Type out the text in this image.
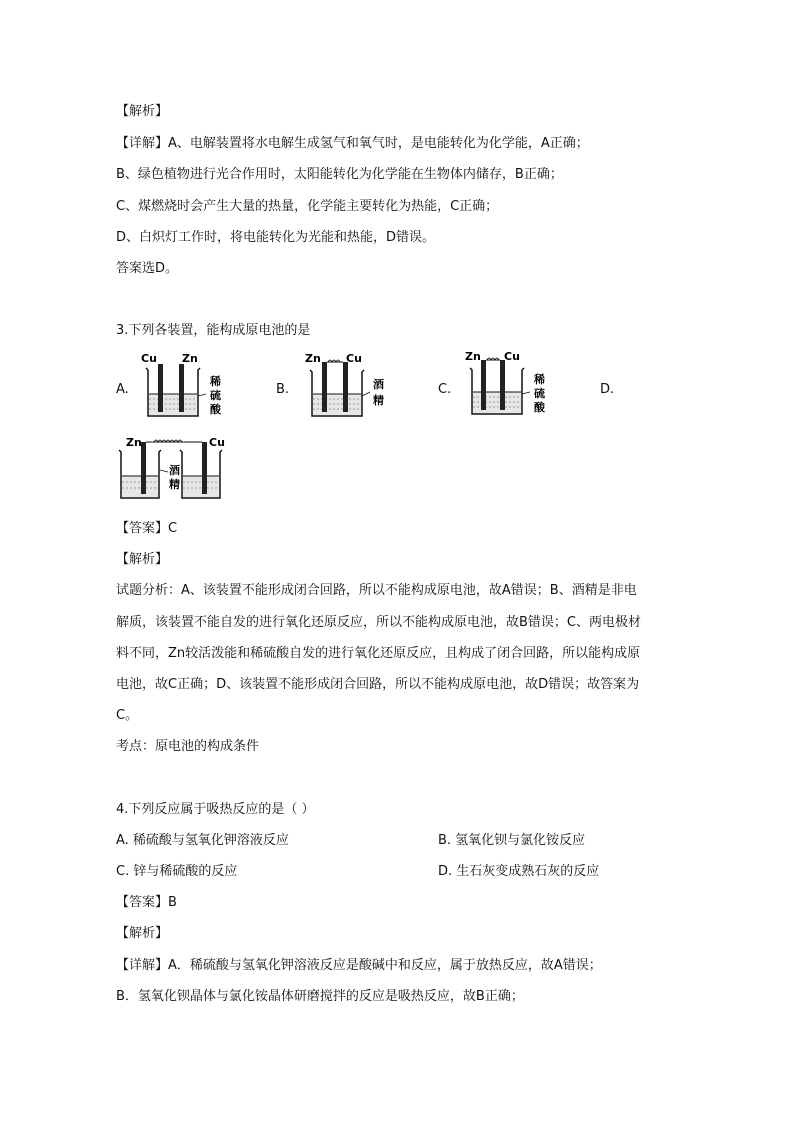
【解析】
【详解】A、电解装置将水电解生成氢气和氧气时，是电能转化为化学能，A正确；
B、绿色植物进行光合作用时，太阳能转化为化学能在生物体内储存，B正确；
C、煤燃烧时会产生大量的热量，化学能主要转化为热能，C正确；
D、白炽灯工作时，将电能转化为光能和热能，D错误。
答案选D。
3.下列各装置，能构成原电池的是
A.
Cu Zn
稀
硫
酸
B.
Zn Cu
酒
精
C.
Zn Cu
稀
硫
酸
D.
Zn	Cu
酒
精
【答案】C
【解析】
试题分析：A、该装置不能形成闭合回路，所以不能构成原电池，故A错误；B、酒精是非电
解质，该装置不能自发的进行氧化还原反应，所以不能构成原电池，故B错误；C、两电极材
料不同，Zn较活泼能和稀硫酸自发的进行氧化还原反应，且构成了闭合回路，所以能构成原
电池，故C正确；D、该装置不能形成闭合回路，所以不能构成原电池，故D错误；故答案为
C。
考点：原电池的构成条件
4.下列反应属于吸热反应的是（ ）
A. 稀硫酸与氢氧化钾溶液反应	B. 氢氧化钡与氯化铵反应
C. 锌与稀硫酸的反应	D. 生石灰变成熟石灰的反应
【答案】B
【解析】
【详解】A．稀硫酸与氢氧化钾溶液反应是酸碱中和反应，属于放热反应，故A错误；
B．氢氧化钡晶体与氯化铵晶体研磨搅拌的反应是吸热反应，故B正确；
